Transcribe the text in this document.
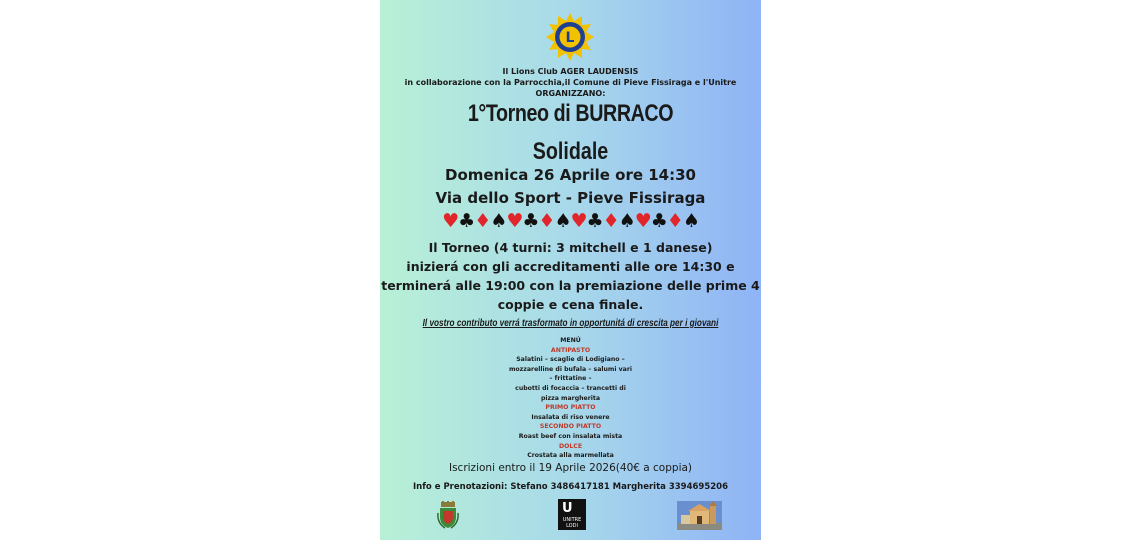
L
Il Lions Club AGER LAUDENSIS
in collaborazione con la Parrocchia,il Comune di Pieve Fissiraga e l'Unitre
ORGANIZZANO:
1°Torneo di BURRACO
Solidale
Domenica 26 Aprile ore 14:30
Via dello Sport - Pieve Fissiraga
♥♣♦♠♥♣♦♠♥♣♦♠♥♣♦♠
Il Torneo (4 turni: 3 mitchell e 1 danese)
inizierá con gli accreditamenti alle ore 14:30 e
terminerá alle 19:00 con la premiazione delle prime 4
coppie e cena finale.
Il vostro contributo verrá trasformato in opportunitá di crescita per i giovani
MENÚ
ANTIPASTO
Salatini – scaglie di Lodigiano –
mozzarelline di bufala – salumi vari
– frittatine –
cubotti di focaccia – trancetti di
pizza margherita
PRIMO PIATTO
Insalata di riso venere
SECONDO PIATTO
Roast beef con insalata mista
DOLCE
Crostata alla marmellata
Iscrizioni entro il 19 Aprile 2026(40€ a coppia)
Info e Prenotazioni: Stefano 3486417181 Margherita 3394695206
U
UNITRE LODI
